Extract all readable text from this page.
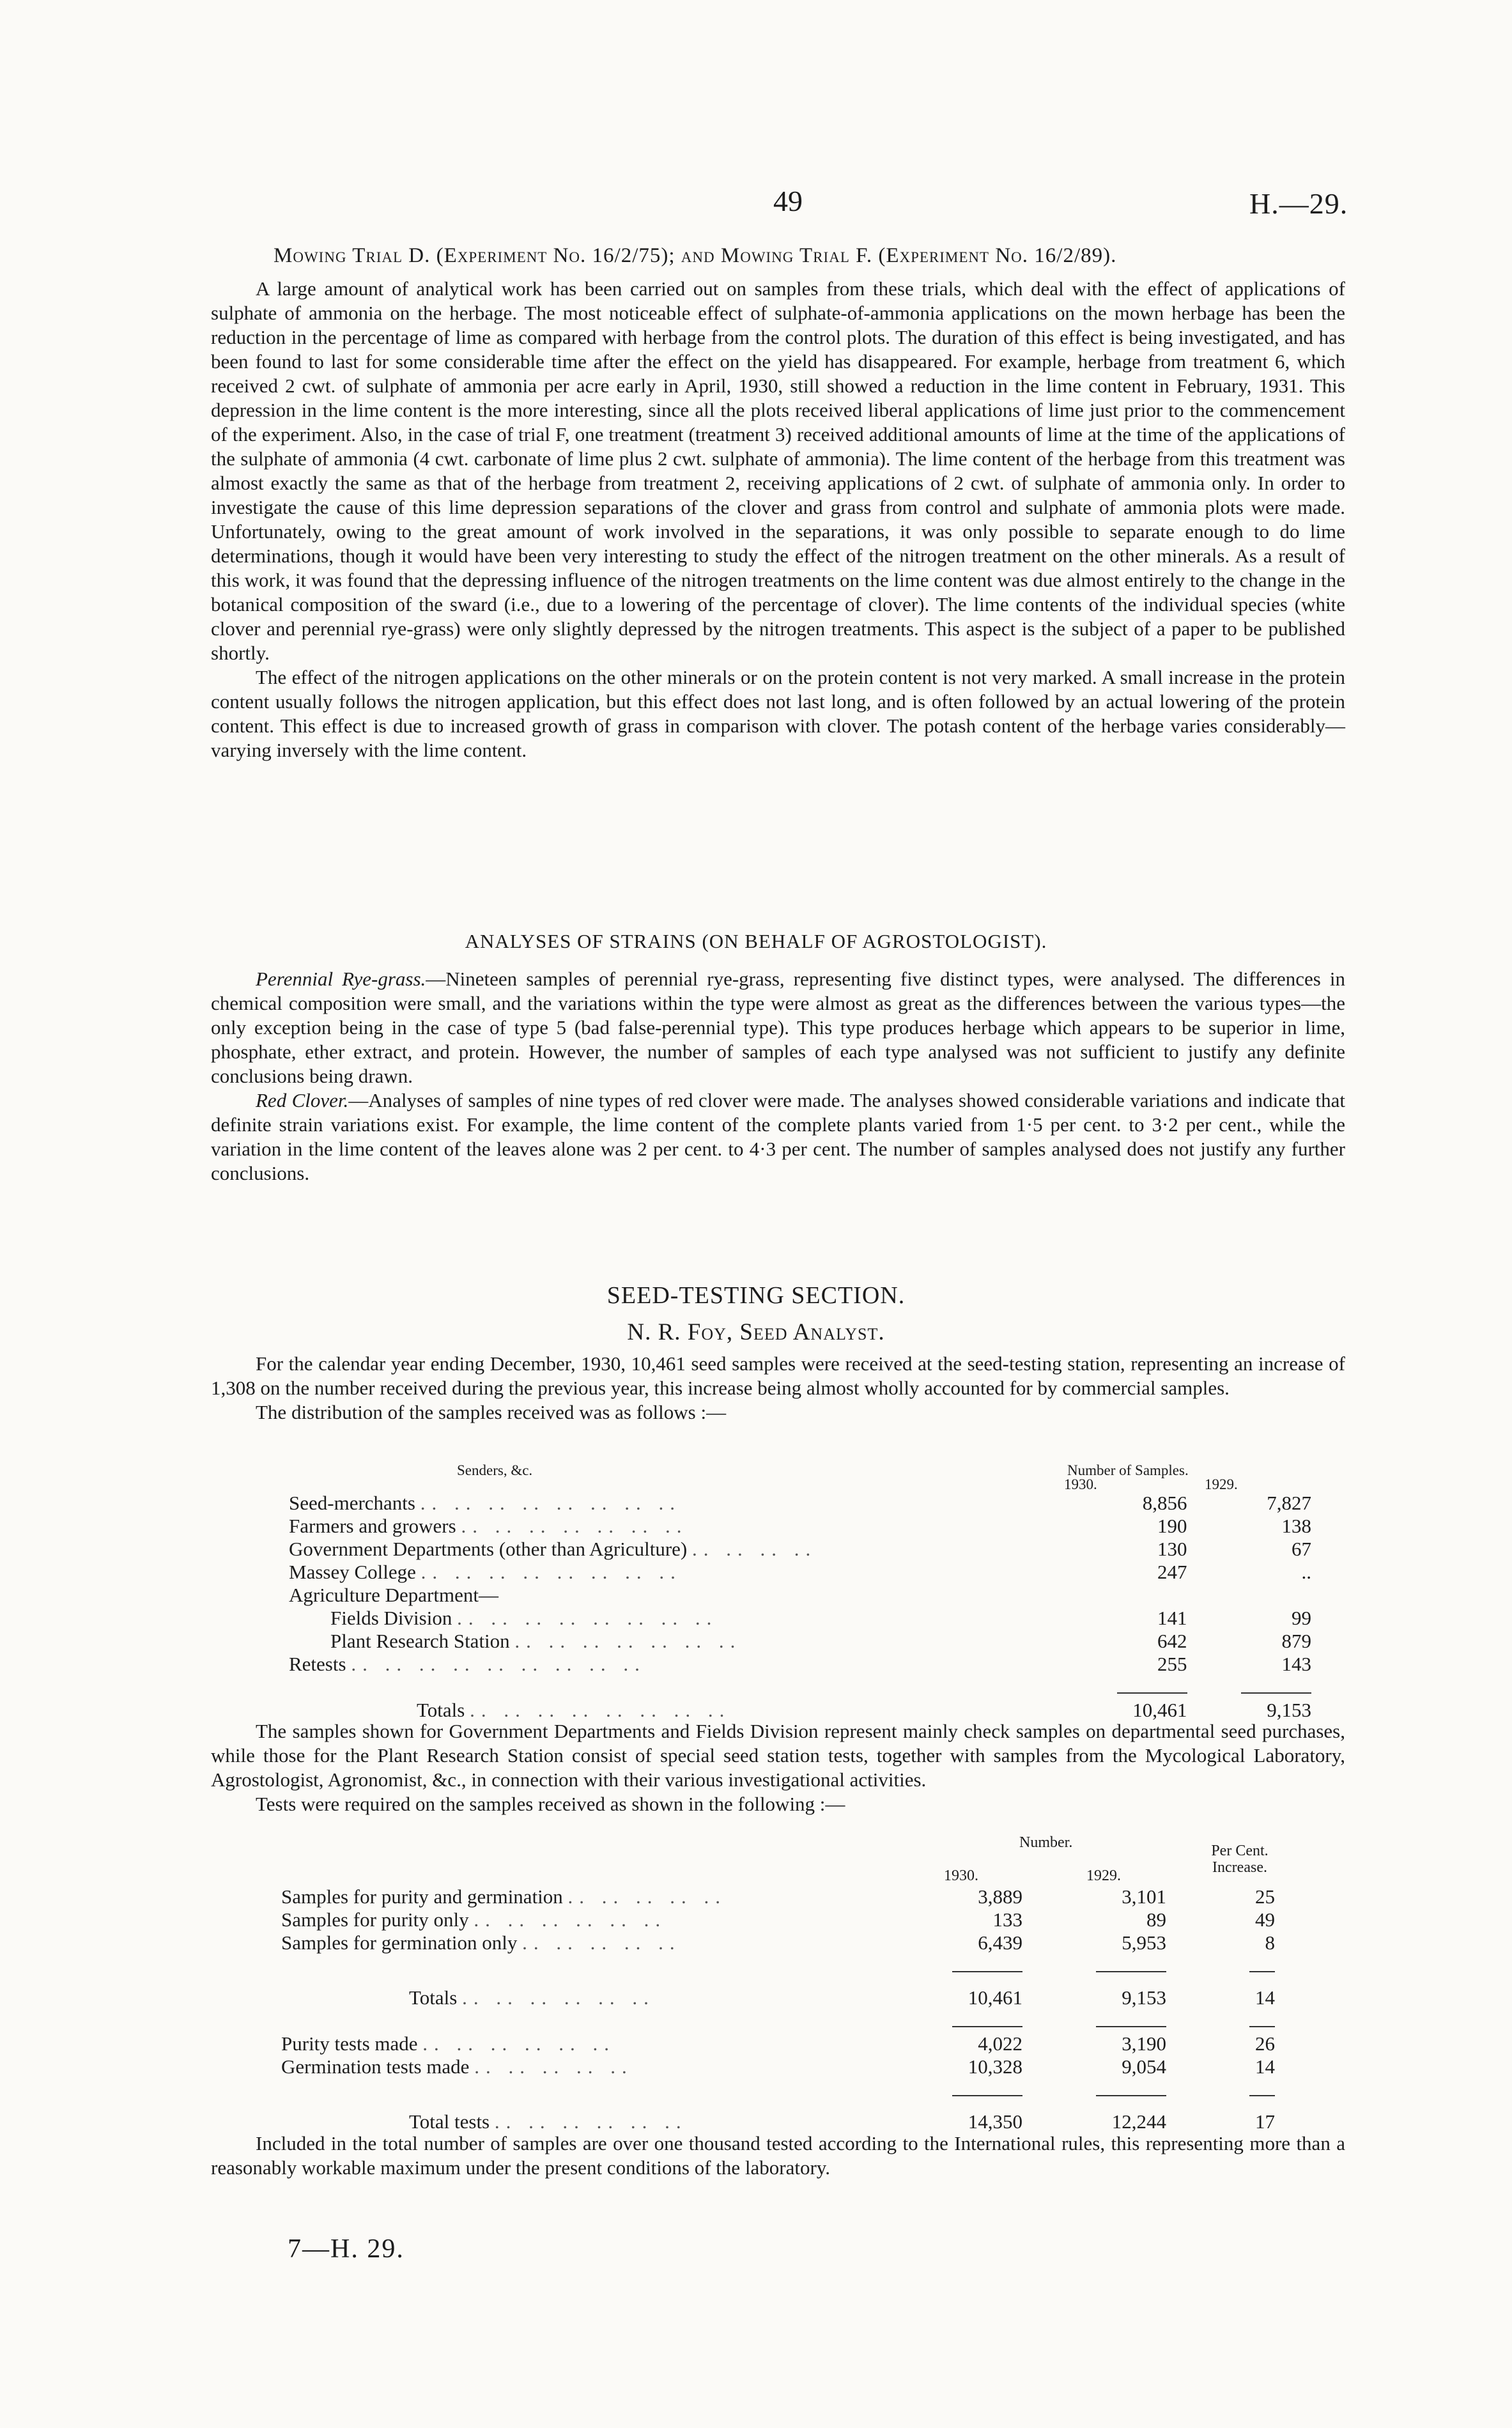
49	H.—29.
Mowing Trial D. (Experiment No. 16/2/75); and Mowing Trial F. (Experiment No. 16/2/89).

A large amount of analytical work has been carried out on samples from these trials, which deal with the effect of applications of sulphate of ammonia on the herbage. The most noticeable effect of sulphate-of-ammonia applications on the mown herbage has been the reduction in the percentage of lime as compared with herbage from the control plots. The duration of this effect is being investigated, and has been found to last for some considerable time after the effect on the yield has disappeared. For example, herbage from treatment 6, which received 2 cwt. of sulphate of ammonia per acre early in April, 1930, still showed a reduction in the lime content in February, 1931. This depression in the lime content is the more interesting, since all the plots received liberal applications of lime just prior to the commencement of the experiment. Also, in the case of trial F, one treatment (treatment 3) received additional amounts of lime at the time of the applications of the sulphate of ammonia (4 cwt. carbonate of lime plus 2 cwt. sulphate of ammonia). The lime content of the herbage from this treatment was almost exactly the same as that of the herbage from treatment 2, receiving applications of 2 cwt. of sulphate of ammonia only. In order to investigate the cause of this lime depression separations of the clover and grass from control and sulphate of ammonia plots were made. Unfortunately, owing to the great amount of work involved in the separations, it was only possible to separate enough to do lime determinations, though it would have been very interesting to study the effect of the nitrogen treatment on the other minerals. As a result of this work, it was found that the depressing influence of the nitrogen treatments on the lime content was due almost entirely to the change in the botanical composition of the sward (i.e., due to a lowering of the percentage of clover). The lime contents of the individual species (white clover and perennial rye-grass) were only slightly depressed by the nitrogen treatments. This aspect is the subject of a paper to be published shortly.

The effect of the nitrogen applications on the other minerals or on the protein content is not very marked. A small increase in the protein content usually follows the nitrogen application, but this effect does not last long, and is often followed by an actual lowering of the protein content. This effect is due to increased growth of grass in comparison with clover. The potash content of the herbage varies considerably—varying inversely with the lime content.

ANALYSES OF STRAINS (ON BEHALF OF AGROSTOLOGIST).

Perennial Rye-grass.—Nineteen samples of perennial rye-grass, representing five distinct types, were analysed. The differences in chemical composition were small, and the variations within the type were almost as great as the differences between the various types—the only exception being in the case of type 5 (bad false-perennial type). This type produces herbage which appears to be superior in lime, phosphate, ether extract, and protein. However, the number of samples of each type analysed was not sufficient to justify any definite conclusions being drawn.

Red Clover.—Analyses of samples of nine types of red clover were made. The analyses showed considerable variations and indicate that definite strain variations exist. For example, the lime content of the complete plants varied from 1·5 per cent. to 3·2 per cent., while the variation in the lime content of the leaves alone was 2 per cent. to 4·3 per cent. The number of samples analysed does not justify any further conclusions.

SEED-TESTING SECTION.
N. R. Foy, Seed Analyst.

For the calendar year ending December, 1930, 10,461 seed samples were received at the seed-testing station, representing an increase of 1,308 on the number received during the previous year, this increase being almost wholly accounted for by commercial samples.

The distribution of the samples received was as follows :—

Senders, &c.	Number of Samples.
1930.	1929.
Seed-merchants .. .. .. .. .. .. .. ..	8,856	7,827
Farmers and growers .. .. .. .. .. .. ..	190	138
Government Departments (other than Agriculture) .. .. .. ..	130	67
Massey College .. .. .. .. .. .. .. ..	247	..
Agriculture Department—		
Fields Division .. .. .. .. .. .. .. ..	141	99
Plant Research Station .. .. .. .. .. .. ..	642	879
Retests .. .. .. .. .. .. .. .. ..	255	143

Totals .. .. .. .. .. .. .. ..	10,461	9,153

The samples shown for Government Departments and Fields Division represent mainly check samples on departmental seed purchases, while those for the Plant Research Station consist of special seed station tests, together with samples from the Mycological Laboratory, Agrostologist, Agronomist, &c., in connection with their various investigational activities.

Tests were required on the samples received as shown in the following :—

Number.
1930.	1929.
Per Cent. Increase.
Samples for purity and germination .. .. .. .. ..	3,889	3,101	25
Samples for purity only .. .. .. .. .. ..	133	89	49
Samples for germination only .. .. .. .. ..	6,439	5,953	8

Totals .. .. .. .. .. ..	10,461	9,153	14

Purity tests made .. .. .. .. .. ..	4,022	3,190	26
Germination tests made .. .. .. .. ..	10,328	9,054	14

Total tests .. .. .. .. .. ..	14,350	12,244	17

Included in the total number of samples are over one thousand tested according to the International rules, this representing more than a reasonably workable maximum under the present conditions of the laboratory.

7—H. 29.
